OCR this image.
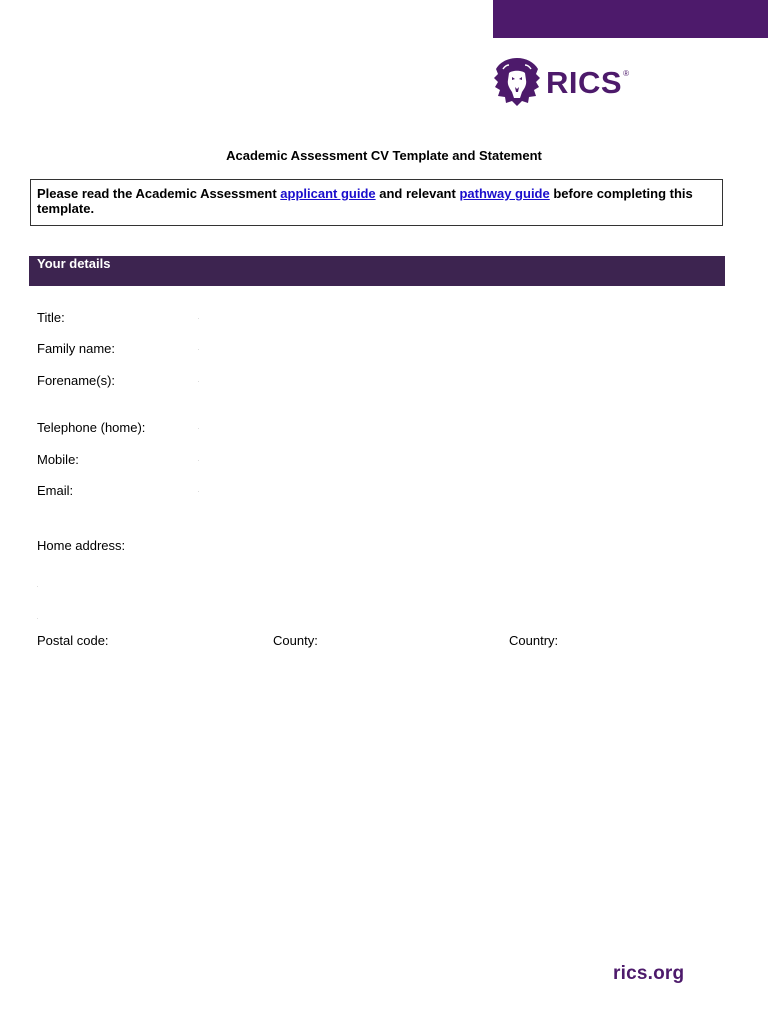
RICS ®
Academic Assessment CV Template and Statement
Please read the Academic Assessment applicant guide and relevant pathway guide before completing this template.
Your details
Title:
Family name:
Forename(s):
Telephone (home):
Mobile:
Email:
Home address:
Postal code:	County:	Country:
rics.org
